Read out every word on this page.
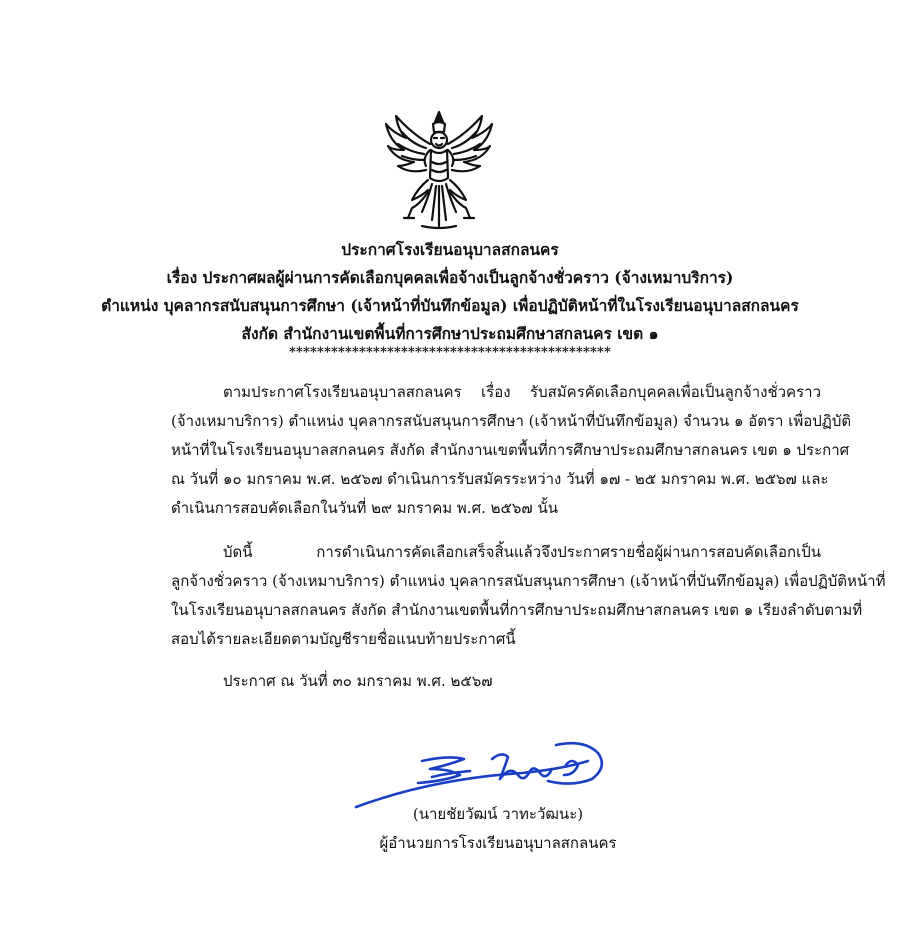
ประกาศโรงเรียนอนุบาลสกลนคร
เรื่อง ประกาศผลผู้ผ่านการคัดเลือกบุคคลเพื่อจ้างเป็นลูกจ้างชั่วคราว (จ้างเหมาบริการ)
ตำแหน่ง บุคลากรสนับสนุนการศึกษา (เจ้าหน้าที่บันทึกข้อมูล) เพื่อปฏิบัติหน้าที่ในโรงเรียนอนุบาลสกลนคร
สังกัด สำนักงานเขตพื้นที่การศึกษาประถมศึกษาสกลนคร เขต ๑
**********************************************
ตามประกาศโรงเรียนอนุบาลสกลนคร เรื่อง รับสมัครคัดเลือกบุคคลเพื่อเป็นลูกจ้างชั่วคราว
(จ้างเหมาบริการ) ตำแหน่ง บุคลากรสนับสนุนการศึกษา (เจ้าหน้าที่บันทึกข้อมูล) จำนวน ๑ อัตรา เพื่อปฏิบัติ
หน้าที่ในโรงเรียนอนุบาลสกลนคร สังกัด สำนักงานเขตพื้นที่การศึกษาประถมศึกษาสกลนคร เขต ๑ ประกาศ
ณ วันที่ ๑๐ มกราคม พ.ศ. ๒๕๖๗ ดำเนินการรับสมัครระหว่าง วันที่ ๑๗ - ๒๕ มกราคม พ.ศ. ๒๕๖๗ และ
ดำเนินการสอบคัดเลือกในวันที่ ๒๙ มกราคม พ.ศ. ๒๕๖๗ นั้น
บัดนี้ การดำเนินการคัดเลือกเสร็จสิ้นแล้วจึงประกาศรายชื่อผู้ผ่านการสอบคัดเลือกเป็น
ลูกจ้างชั่วคราว (จ้างเหมาบริการ) ตำแหน่ง บุคลากรสนับสนุนการศึกษา (เจ้าหน้าที่บันทึกข้อมูล) เพื่อปฏิบัติหน้าที่
ในโรงเรียนอนุบาลสกลนคร สังกัด สำนักงานเขตพื้นที่การศึกษาประถมศึกษาสกลนคร เขต ๑ เรียงลำดับตามที่
สอบได้รายละเอียดตามบัญชีรายชื่อแนบท้ายประกาศนี้
ประกาศ ณ วันที่ ๓๐ มกราคม พ.ศ. ๒๕๖๗
(นายชัยวัฒน์ วาทะวัฒนะ)
ผู้อำนวยการโรงเรียนอนุบาลสกลนคร
